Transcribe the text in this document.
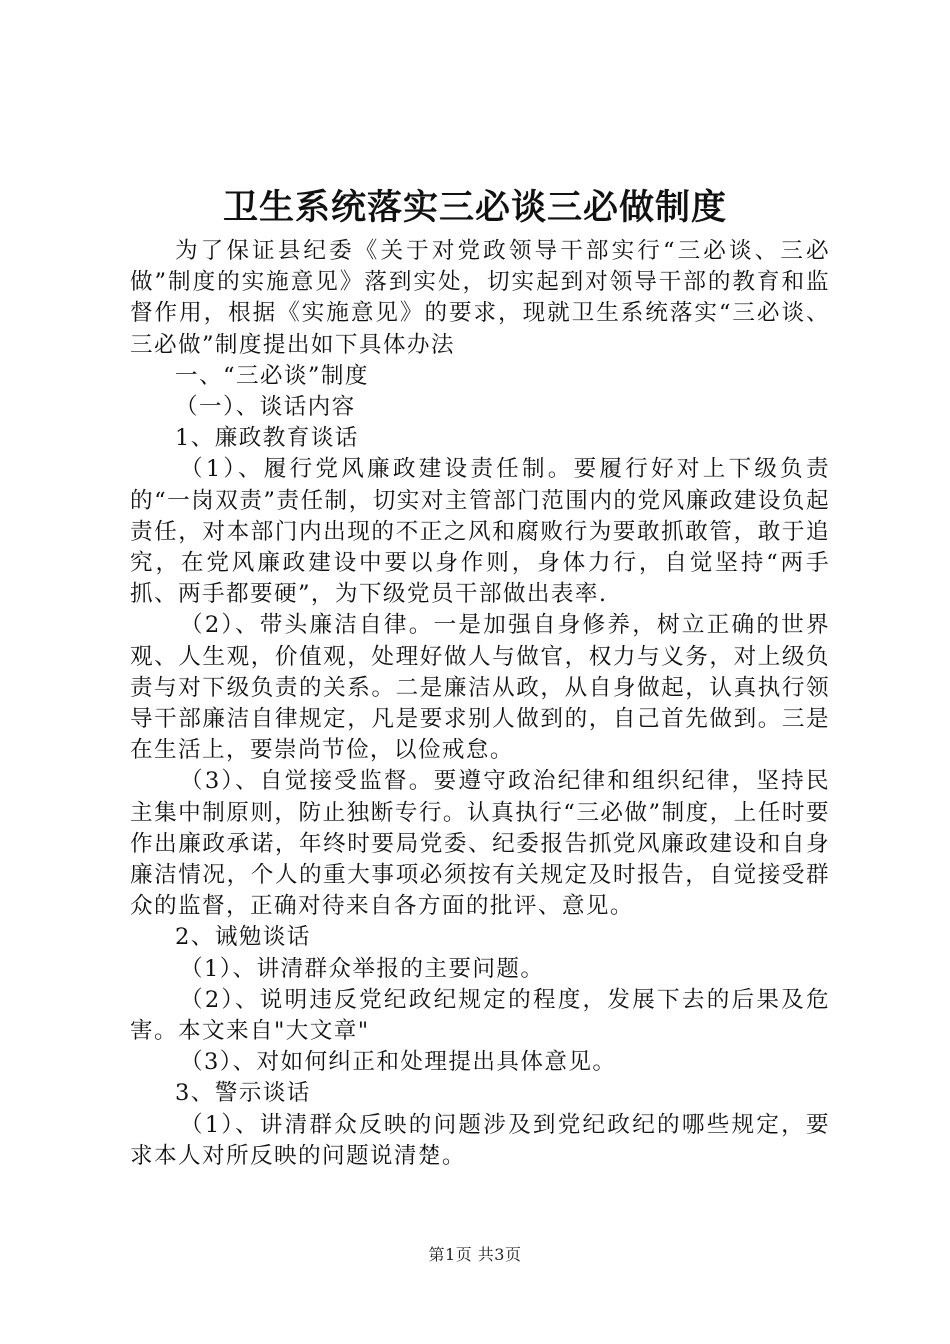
卫生系统落实三必谈三必做制度

为了保证县纪委《关于对党政领导干部实行“三必谈、三必做”制度的实施意见》落到实处，切实起到对领导干部的教育和监督作用，根据《实施意见》的要求，现就卫生系统落实“三必谈、三必做”制度提出如下具体办法

一、“三必谈”制度

（一）、谈话内容

1、廉政教育谈话

（1）、履行党风廉政建设责任制。要履行好对上下级负责的“一岗双责”责任制，切实对主管部门范围内的党风廉政建设负起责任，对本部门内出现的不正之风和腐败行为要敢抓敢管，敢于追究，在党风廉政建设中要以身作则，身体力行，自觉坚持“两手抓、两手都要硬”，为下级党员干部做出表率.

（2）、带头廉洁自律。一是加强自身修养，树立正确的世界观、人生观，价值观，处理好做人与做官，权力与义务，对上级负责与对下级负责的关系。二是廉洁从政，从自身做起，认真执行领导干部廉洁自律规定，凡是要求别人做到的，自己首先做到。三是在生活上，要崇尚节俭，以俭戒怠。

（3）、自觉接受监督。要遵守政治纪律和组织纪律，坚持民主集中制原则，防止独断专行。认真执行“三必做”制度，上任时要作出廉政承诺，年终时要局党委、纪委报告抓党风廉政建设和自身廉洁情况，个人的重大事项必须按有关规定及时报告，自觉接受群众的监督，正确对待来自各方面的批评、意见。

2、诫勉谈话

（1）、讲清群众举报的主要问题。

（2）、说明违反党纪政纪规定的程度，发展下去的后果及危害。本文来自"大文章"

（3）、对如何纠正和处理提出具体意见。

3、警示谈话

（1）、讲清群众反映的问题涉及到党纪政纪的哪些规定，要求本人对所反映的问题说清楚。

第1页 共3页
